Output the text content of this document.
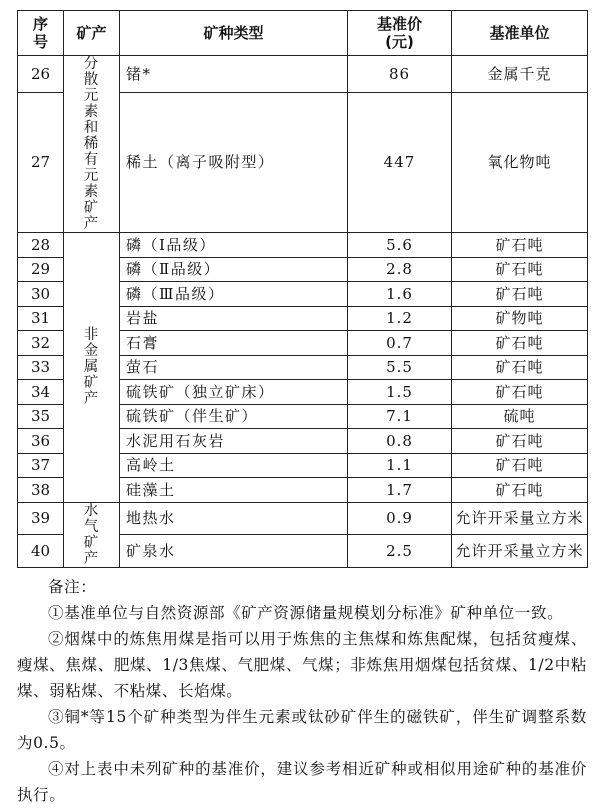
序号	矿产	矿种类型	基准价(元)	基准单位
26	分散元素和稀有元素矿产	锗*	86	金属千克
27		稀土（离子吸附型）	447	氧化物吨
28	非金属矿产	磷（Ⅰ品级）	5.6	矿石吨
29		磷（Ⅱ品级）	2.8	矿石吨
30		磷（Ⅲ品级）	1.6	矿石吨
31		岩盐	1.2	矿物吨
32		石膏	0.7	矿石吨
33		萤石	5.5	矿石吨
34		硫铁矿（独立矿床）	1.5	矿石吨
35		硫铁矿（伴生矿）	7.1	硫吨
36		水泥用石灰岩	0.8	矿石吨
37		高岭土	1.1	矿石吨
38		硅藻土	1.7	矿石吨
39	水气矿产	地热水	0.9	允许开采量立方米
40		矿泉水	2.5	允许开采量立方米

备注：

①基准单位与自然资源部《矿产资源储量规模划分标准》矿种单位一致。

②烟煤中的炼焦用煤是指可以用于炼焦的主焦煤和炼焦配煤，包括贫瘦煤、瘦煤、焦煤、肥煤、1/3焦煤、气肥煤、气煤；非炼焦用烟煤包括贫煤、1/2中粘煤、弱粘煤、不粘煤、长焰煤。

③铜*等15个矿种类型为伴生元素或钛砂矿伴生的磁铁矿，伴生矿调整系数为0.5。

④对上表中未列矿种的基准价，建议参考相近矿种或相似用途矿种的基准价执行。
